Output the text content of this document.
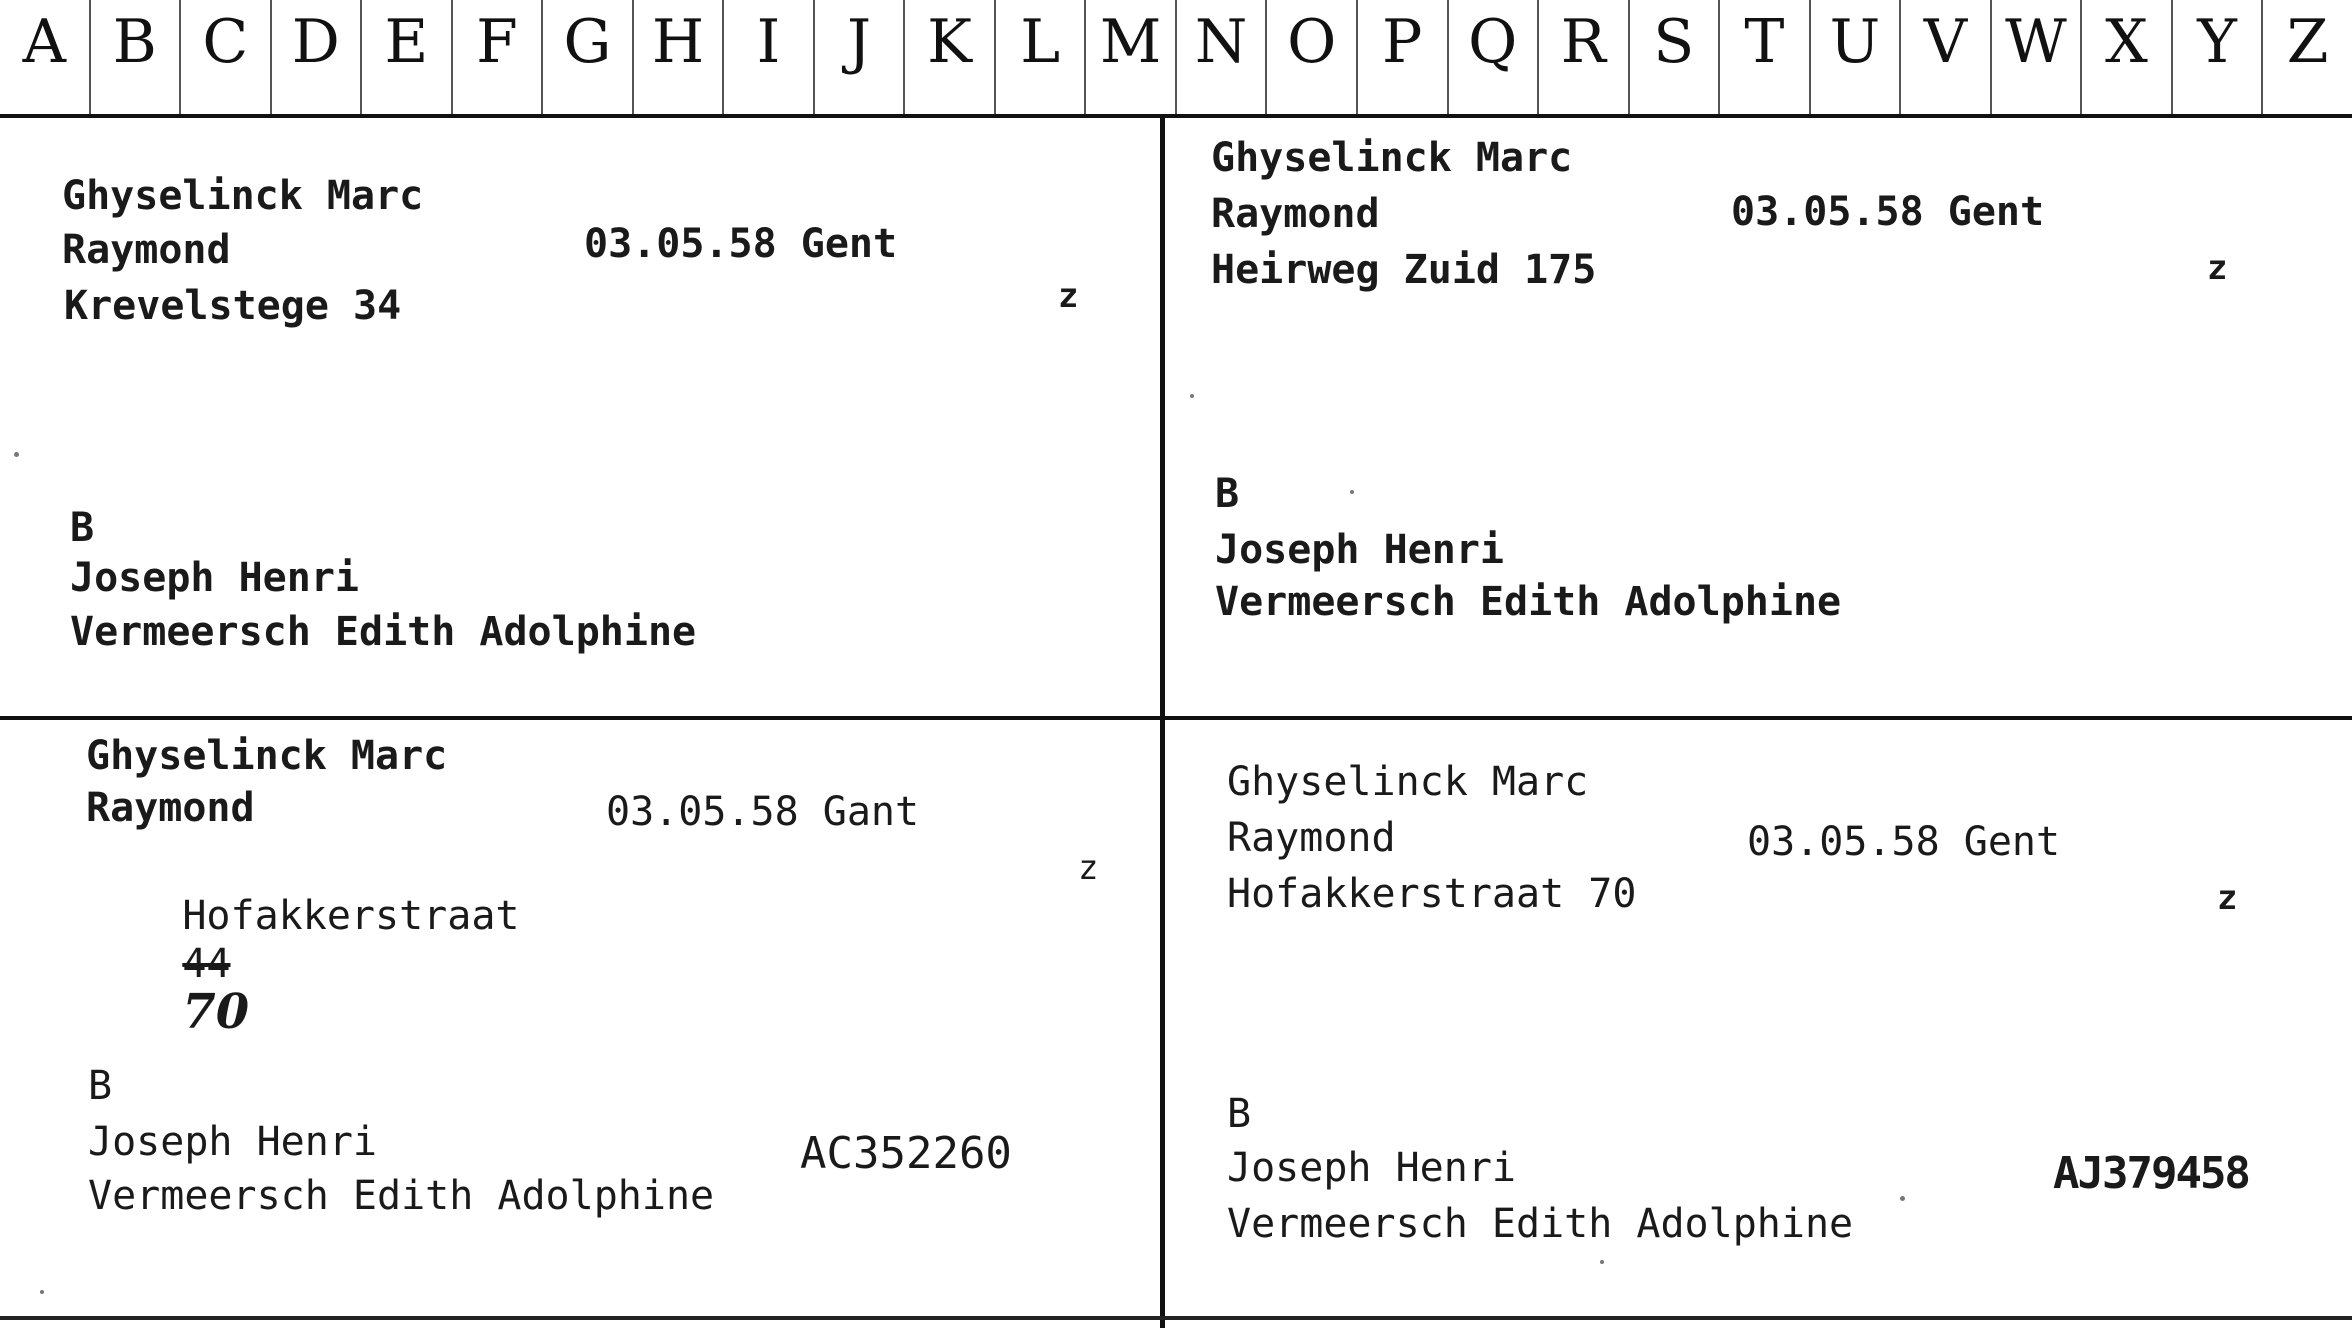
A B C D E F G H I	J K L M N O P Q R S T U V W X Y Z
Ghyselinck Marc
Raymond	03.05.58 Gent
Krevelstege 34	z
B
Joseph Henri
Vermeersch Edith Adolphine
Ghyselinck Marc
Raymond	03.05.58 Gent
Heirweg Zuid 175	z
B
Joseph Henri
Vermeersch Edith Adolphine
Ghyselinck Marc
Raymond	03.05.58 Gant

Hofakkerstraat
44
70

z
B
Joseph Henri
Vermeersch Edith Adolphine
AC352260
Ghyselinck Marc
Raymond	03.05.58 Gent
Hofakkerstraat 70	z
B
Joseph Henri
Vermeersch Edith Adolphine
AJ379458
